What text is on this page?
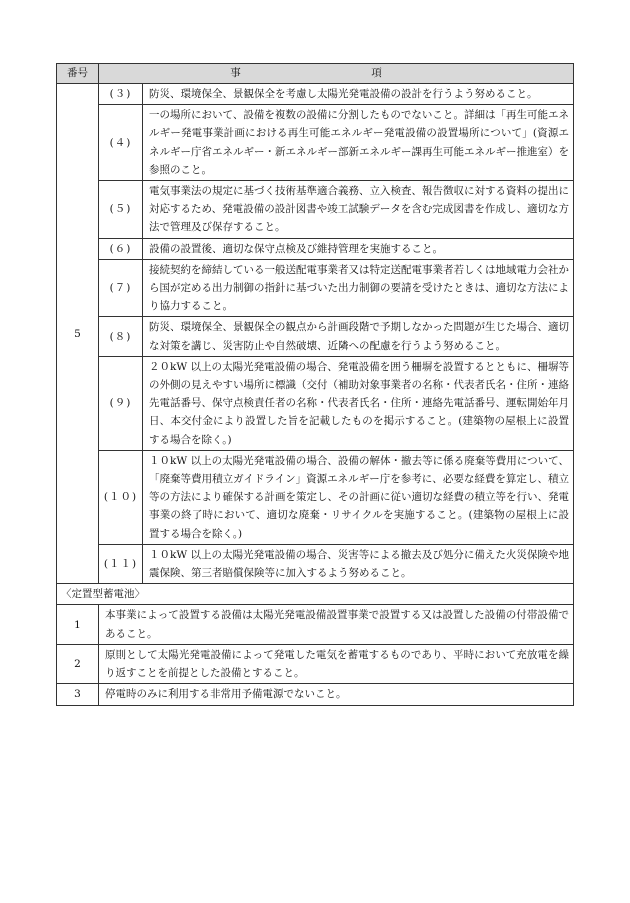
番号	事　項	
5	(３)	防災、環境保全、景観保全を考慮し太陽光発電設備の設計を行うよう努めること。
	(４)	一の場所において、設備を複数の設備に分割したものでないこと。詳細は「再生可能エネルギー発電事業計画における再生可能エネルギー発電設備の設置場所について」(資源エネルギー庁省エネルギー・新エネルギー部新エネルギー課再生可能エネルギー推進室）を参照のこと。
	(５)	電気事業法の規定に基づく技術基準適合義務、立入検査、報告徴収に対する資料の提出に対応するため、発電設備の設計図書や竣工試験データを含む完成図書を作成し、適切な方法で管理及び保存すること。
	(６)	設備の設置後、適切な保守点検及び維持管理を実施すること。
	(７)	接続契約を締結している一般送配電事業者又は特定送配電事業者若しくは地域電力会社から国が定める出力制御の指針に基づいた出力制御の要請を受けたときは、適切な方法により協力すること。
	(８)	防災、環境保全、景観保全の観点から計画段階で予期しなかった問題が生じた場合、適切な対策を講じ、災害防止や自然破壊、近隣への配慮を行うよう努めること。
	(９)	２０kW 以上の太陽光発電設備の場合、発電設備を囲う柵塀を設置するとともに、柵塀等の外側の見えやすい場所に標識（交付（補助対象事業者の名称・代表者氏名・住所・連絡先電話番号、保守点検責任者の名称・代表者氏名・住所・連絡先電話番号、運転開始年月日、本交付金により設置した旨を記載したものを掲示すること。(建築物の屋根上に設置する場合を除く。)
	(１０)	１０kW 以上の太陽光発電設備の場合、設備の解体・撤去等に係る廃棄等費用について、「廃棄等費用積立ガイドライン」資源エネルギー庁を参考に、必要な経費を算定し、積立等の方法により確保する計画を策定し、その計画に従い適切な経費の積立等を行い、発電事業の終了時において、適切な廃棄・リサイクルを実施すること。(建築物の屋根上に設置する場合を除く。)
	(１１)	１０kW 以上の太陽光発電設備の場合、災害等による撤去及び処分に備えた火災保険や地震保険、第三者賠償保険等に加入するよう努めること。
〈定置型蓄電池〉		
1	本事業によって設置する設備は太陽光発電設備設置事業で設置する又は設置した設備の付帯設備であること。	
2	原則として太陽光発電設備によって発電した電気を蓄電するものであり、平時において充放電を繰り返すことを前提とした設備とすること。	
3	停電時のみに利用する非常用予備電源でないこと。	
